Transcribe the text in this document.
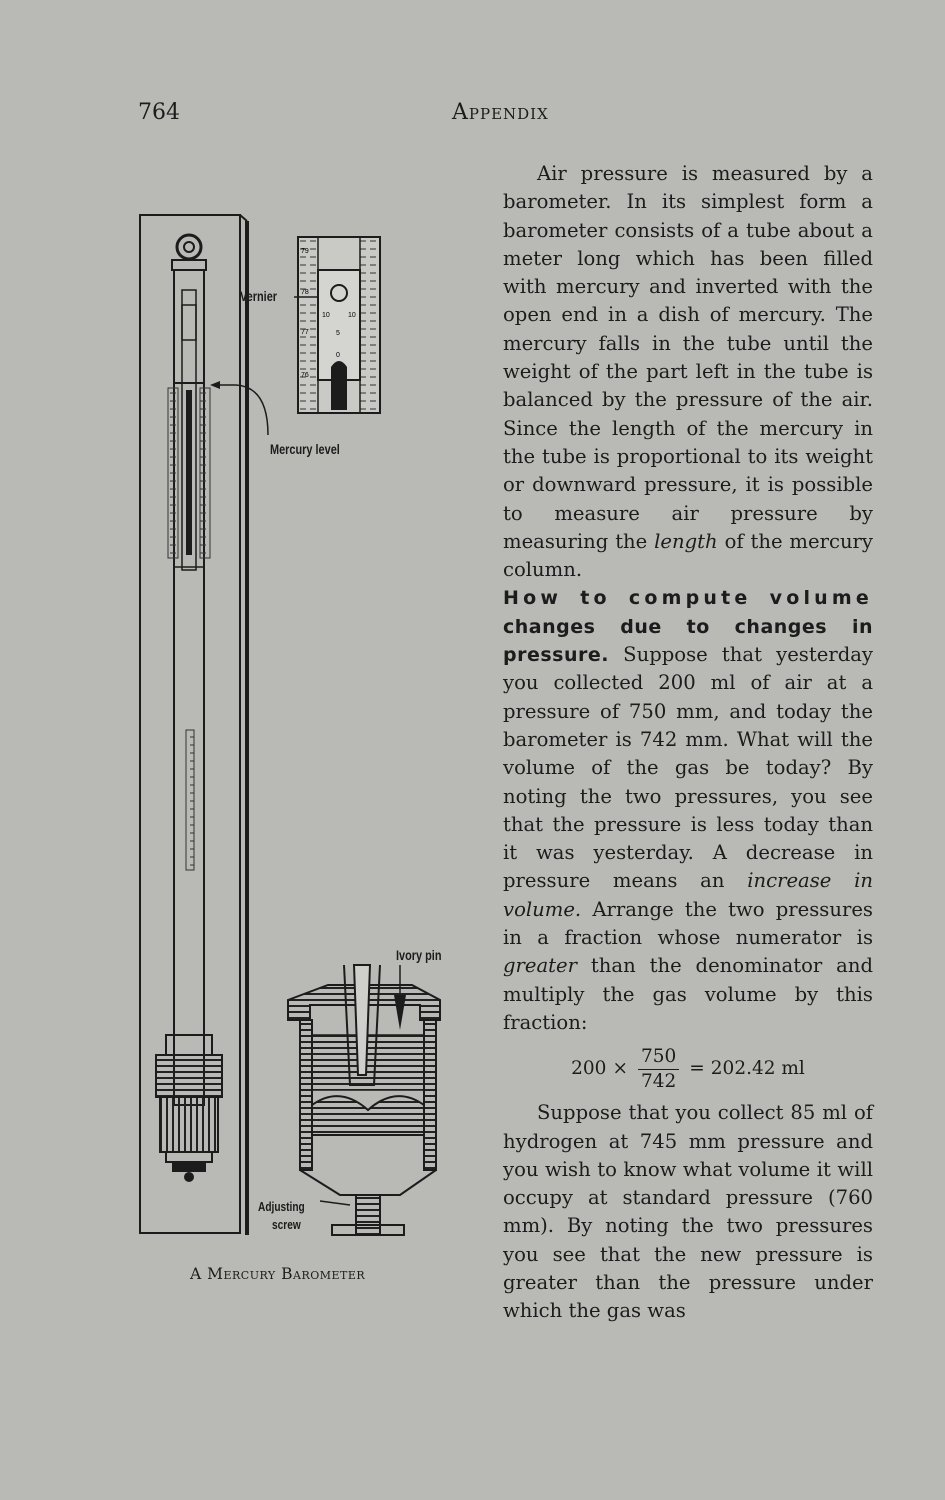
764	Appendix
79
78
77
76
10	10
5
0
Vernier
Mercury level
Ivory pin
Adjusting
screw
A Mercury Barometer

Air pressure is measured by a barometer. In its simplest form a barometer consists of a tube about a meter long which has been filled with mercury and inverted with the open end in a dish of mercury. The mercury falls in the tube until the weight of the part left in the tube is balanced by the pressure of the air. Since the length of the mercury in the tube is proportional to its weight or downward pressure, it is possible to measure air pressure by measuring the length of the mercury column.

How to compute volume changes due to changes in pressure. Suppose that yesterday you collected 200 ml of air at a pressure of 750 mm, and today the barometer is 742 mm. What will the volume of the gas be today? By noting the two pressures, you see that the pressure is less today than it was yesterday. A decrease in pressure means an increase in volume. Arrange the two pressures in a fraction whose numerator is greater than the denominator and multiply the gas volume by this fraction:

$200 \times \frac{750}{742} = 202.42$ ml

Suppose that you collect 85 ml of hydrogen at 745 mm pressure and you wish to know what volume it will occupy at standard pressure (760 mm). By noting the two pressures you see that the new pressure is greater than the pressure under which the gas was
